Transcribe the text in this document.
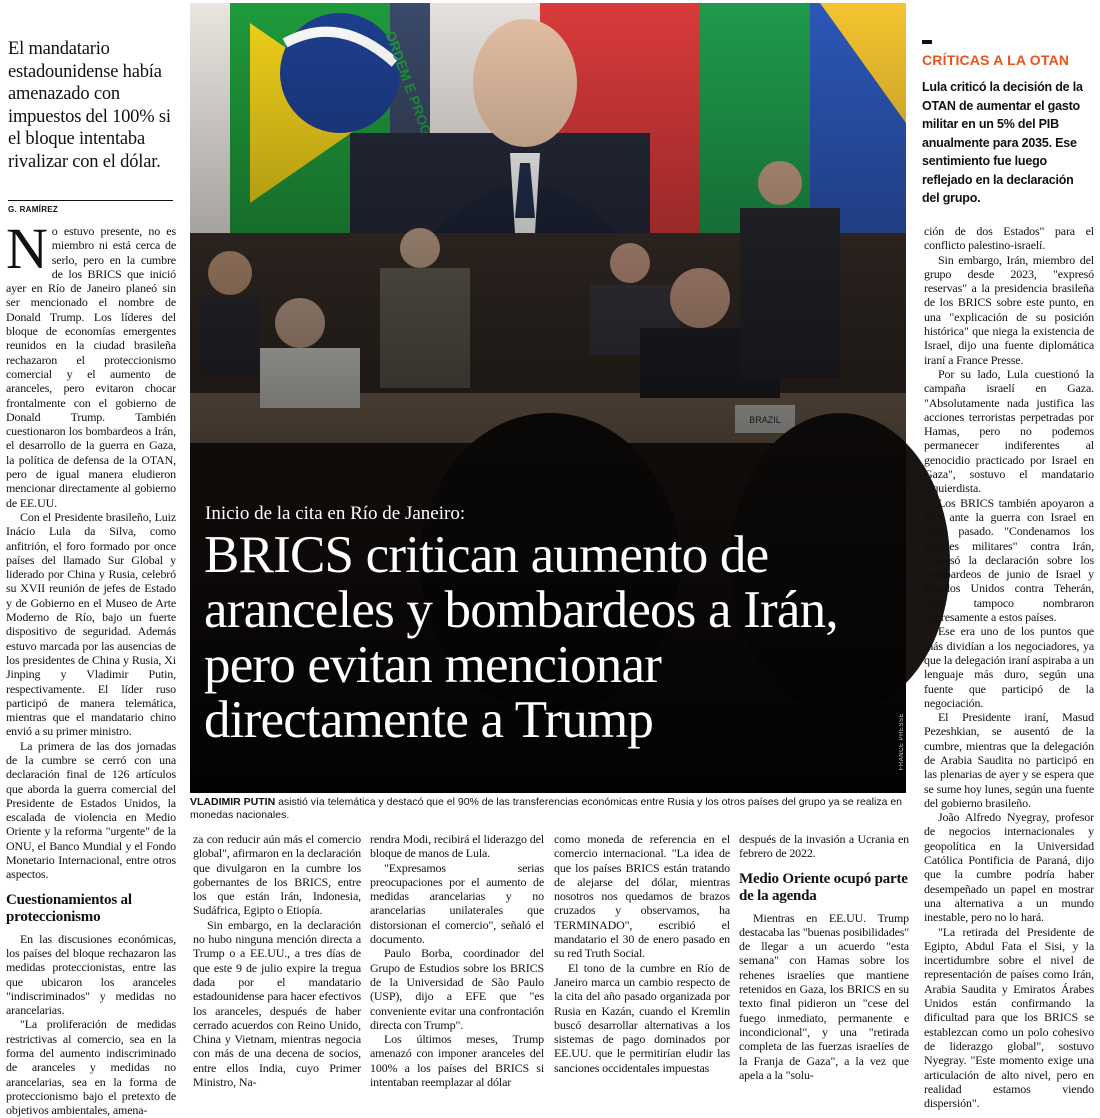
El mandatario estadounidense había amenazado con impuestos del 100% si el bloque intentaba rivalizar con el dólar.
G. RAMÍREZ

No estuvo presente, no es miembro ni está cerca de serlo, pero en la cumbre de los BRICS que inició ayer en Río de Janeiro planeó sin ser mencionado el nombre de Donald Trump. Los líderes del bloque de economías emergentes reunidos en la ciudad brasileña rechazaron el proteccionismo comercial y el aumento de aranceles, pero evitaron chocar frontalmente con el gobierno de Donald Trump. También cuestionaron los bombardeos a Irán, el desarrollo de la guerra en Gaza, la política de defensa de la OTAN, pero de igual manera eludieron mencionar directamente al gobierno de EE.UU.

Con el Presidente brasileño, Luiz Inácio Lula da Silva, como anfitrión, el foro formado por once países del llamado Sur Global y liderado por China y Rusia, celebró su XVII reunión de jefes de Estado y de Gobierno en el Museo de Arte Moderno de Río, bajo un fuerte dispositivo de seguridad. Además estuvo marcada por las ausencias de los presidentes de China y Rusia, Xi Jinping y Vladimir Putin, respectivamente. El líder ruso participó de manera telemática, mientras que el mandatario chino envió a su primer ministro.

La primera de las dos jornadas de la cumbre se cerró con una declaración final de 126 artículos que aborda la guerra comercial del Presidente de Estados Unidos, la escalada de violencia en Medio Oriente y la reforma "urgente" de la ONU, el Banco Mundial y el Fondo Monetario Internacional, entre otros aspectos.

Cuestionamientos al proteccionismo

En las discusiones económicas, los países del bloque rechazaron las medidas proteccionistas, entre las que ubicaron los aranceles "indiscriminados" y medidas no arancelarias.

"La proliferación de medidas restrictivas al comercio, sea en la forma del aumento indiscriminado de aranceles y medidas no arancelarias, sea en la forma de proteccionismo bajo el pretexto de objetivos ambientales, amena-

FRANCE PRESSE
Inicio de la cita en Río de Janeiro:
BRICS critican aumento de aranceles y bombardeos a Irán, pero evitan mencionar directamente a Trump
VLADIMIR PUTIN asistió vía telemática y destacó que el 90% de las transferencias económicas entre Rusia y los otros países del grupo ya se realiza en monedas nacionales.

za con reducir aún más el comercio global", afirmaron en la declaración que divulgaron en la cumbre los gobernantes de los BRICS, entre los que están Irán, Indonesia, Sudáfrica, Egipto o Etiopía.

Sin embargo, en la declaración no hubo ninguna mención directa a Trump o a EE.UU., a tres días de que este 9 de julio expire la tregua dada por el mandatario estadounidense para hacer efectivos los aranceles, después de haber cerrado acuerdos con Reino Unido, China y Vietnam, mientras negocia con más de una decena de socios, entre ellos India, cuyo Primer Ministro, Na-

rendra Modi, recibirá el liderazgo del bloque de manos de Lula.

"Expresamos serias preocupaciones por el aumento de medidas arancelarias y no arancelarias unilaterales que distorsionan el comercio", señaló el documento.

Paulo Borba, coordinador del Grupo de Estudios sobre los BRICS de la Universidad de São Paulo (USP), dijo a EFE que "es conveniente evitar una confrontación directa con Trump".

Los últimos meses, Trump amenazó con imponer aranceles del 100% a los países del BRICS si intentaban reemplazar al dólar

como moneda de referencia en el comercio internacional. "La idea de que los países BRICS están tratando de alejarse del dólar, mientras nosotros nos quedamos de brazos cruzados y observamos, ha TERMINADO", escribió el mandatario el 30 de enero pasado en su red Truth Social.

El tono de la cumbre en Río de Janeiro marca un cambio respecto de la cita del año pasado organizada por Rusia en Kazán, cuando el Kremlin buscó desarrollar alternativas a los sistemas de pago dominados por EE.UU. que le permitirían eludir las sanciones occidentales impuestas

después de la invasión a Ucrania en febrero de 2022.

Medio Oriente ocupó parte de la agenda

Mientras en EE.UU. Trump destacaba las "buenas posibilidades" de llegar a un acuerdo "esta semana" con Hamas sobre los rehenes israelíes que mantiene retenidos en Gaza, los BRICS en su texto final pidieron un "cese del fuego inmediato, permanente e incondicional", y una "retirada completa de las fuerzas israelíes de la Franja de Gaza", a la vez que apela a la "solu-

CRÍTICAS A LA OTAN
Lula criticó la decisión de la OTAN de aumentar el gasto militar en un 5% del PIB anualmente para 2035. Ese sentimiento fue luego reflejado en la declaración del grupo.

ción de dos Estados" para el conflicto palestino-israelí.

Sin embargo, Irán, miembro del grupo desde 2023, "expresó reservas" a la presidencia brasileña de los BRICS sobre este punto, en una "explicación de su posición histórica" que niega la existencia de Israel, dijo una fuente diplomática iraní a France Presse.

Por su lado, Lula cuestionó la campaña israelí en Gaza. "Absolutamente nada justifica las acciones terroristas perpetradas por Hamas, pero no podemos permanecer indiferentes al genocidio practicado por Israel en Gaza", sostuvo el mandatario izquierdista.

Los BRICS también apoyaron a Irán ante la guerra con Israel en junio pasado. "Condenamos los ataques militares" contra Irán, expresó la declaración sobre los bombardeos de junio de Israel y Estados Unidos contra Teherán, pero tampoco nombraron expresamente a estos países.

Ese era uno de los puntos que más dividían a los negociadores, ya que la delegación iraní aspiraba a un lenguaje más duro, según una fuente que participó de la negociación.

El Presidente iraní, Masud Pezeshkian, se ausentó de la cumbre, mientras que la delegación de Arabia Saudita no participó en las plenarias de ayer y se espera que se sume hoy lunes, según una fuente del gobierno brasileño.

João Alfredo Nyegray, profesor de negocios internacionales y geopolítica en la Universidad Católica Pontificia de Paraná, dijo que la cumbre podría haber desempeñado un papel en mostrar una alternativa a un mundo inestable, pero no lo hará.

"La retirada del Presidente de Egipto, Abdul Fata el Sisi, y la incertidumbre sobre el nivel de representación de países como Irán, Arabia Saudita y Emiratos Árabes Unidos están confirmando la dificultad para que los BRICS se establezcan como un polo cohesivo de liderazgo global", sostuvo Nyegray. "Este momento exige una articulación de alto nivel, pero en realidad estamos viendo dispersión".
